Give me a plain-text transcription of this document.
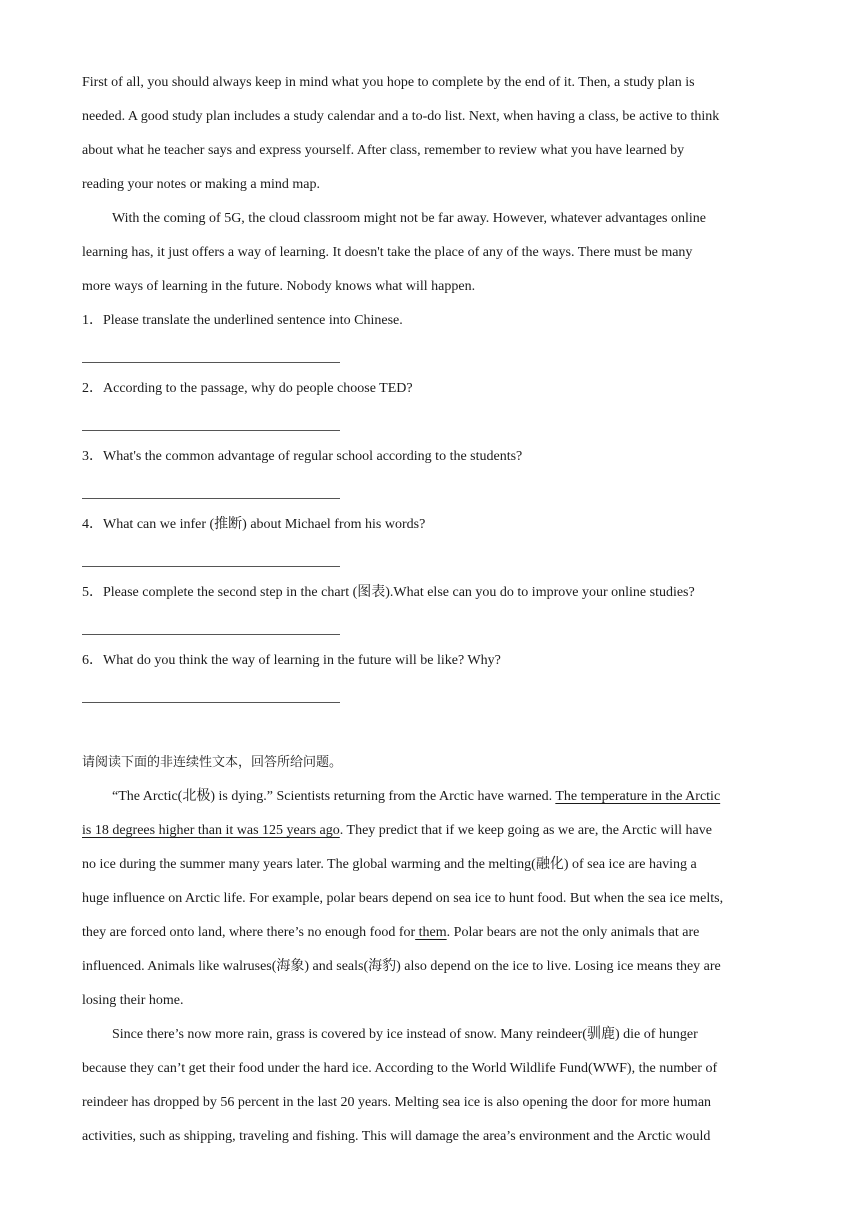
First of all, you should always keep in mind what you hope to complete by the end of it. Then, a study plan is
needed. A good study plan includes a study calendar and a to-do list. Next, when having a class, be active to think
about what he teacher says and express yourself. After class, remember to review what you have learned by
reading your notes or making a mind map.
With the coming of 5G, the cloud classroom might not be far away. However, whatever advantages online
learning has, it just offers a way of learning. It doesn't take the place of any of the ways. There must be many
more ways of learning in the future. Nobody knows what will happen.
1．Please translate the underlined sentence into Chinese.
2．According to the passage, why do people choose TED?
3．What's the common advantage of regular school according to the students?
4．What can we infer (推断) about Michael from his words?
5．Please complete the second step in the chart (图表).What else can you do to improve your online studies?
6．What do you think the way of learning in the future will be like? Why?
请阅读下面的非连续性文本，回答所给问题。
“The Arctic(北极) is dying.” Scientists returning from the Arctic have warned. The temperature in the Arctic
is 18 degrees higher than it was 125 years ago. They predict that if we keep going as we are, the Arctic will have
no ice during the summer many years later. The global warming and the melting(融化) of sea ice are having a
huge influence on Arctic life. For example, polar bears depend on sea ice to hunt food. But when the sea ice melts,
they are forced onto land, where there’s no enough food for them. Polar bears are not the only animals that are
influenced. Animals like walruses(海象) and seals(海豹) also depend on the ice to live. Losing ice means they are
losing their home.
Since there’s now more rain, grass is covered by ice instead of snow. Many reindeer(驯鹿) die of hunger
because they can’t get their food under the hard ice. According to the World Wildlife Fund(WWF), the number of
reindeer has dropped by 56 percent in the last 20 years. Melting sea ice is also opening the door for more human
activities, such as shipping, traveling and fishing. This will damage the area’s environment and the Arctic would
